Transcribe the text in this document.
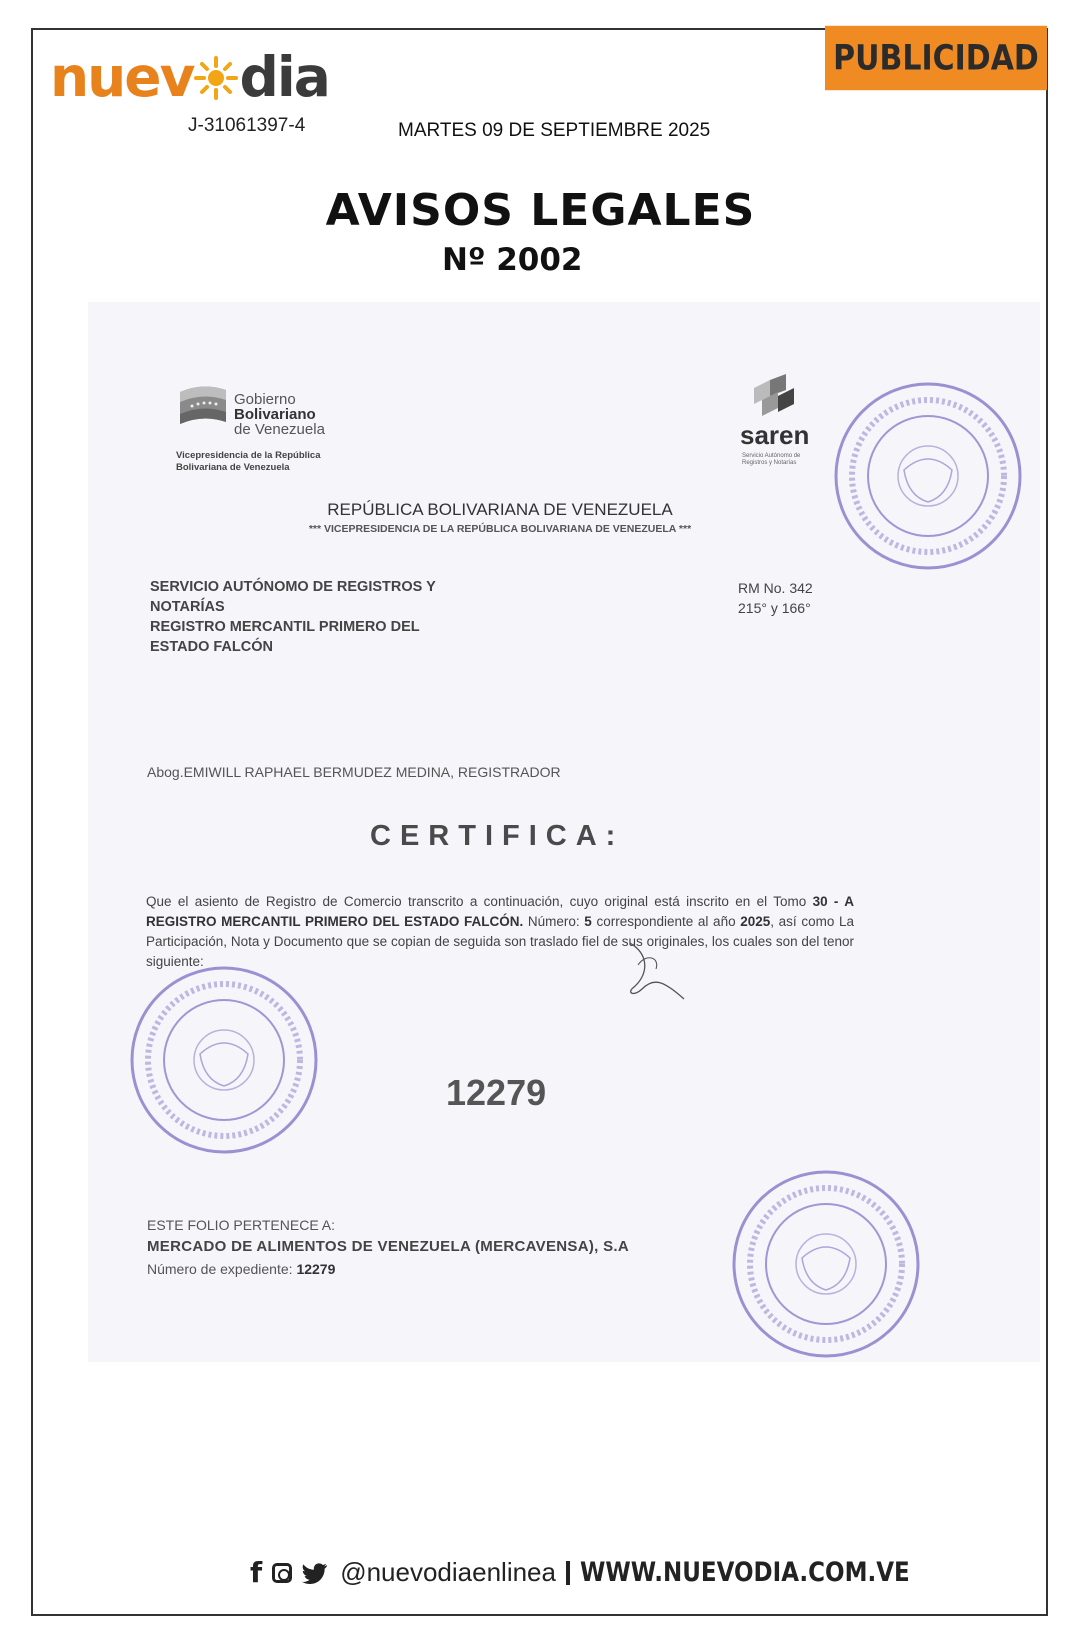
nuev dia
J-31061397-4	MARTES 09 DE SEPTIEMBRE 2025
PUBLICIDAD
AVISOS LEGALES
Nº 2002
Gobierno
Bolivariano
de Venezuela
Vicepresidencia de la República
Bolivariana de Venezuela
saren
Servicio Autónomo de Registros y Notarías
REPÚBLICA BOLIVARIANA DE VENEZUELA
*** VICEPRESIDENCIA DE LA REPÚBLICA BOLIVARIANA DE VENEZUELA ***
SERVICIO AUTÓNOMO DE REGISTROS Y
NOTARÍAS
REGISTRO MERCANTIL PRIMERO DEL
ESTADO FALCÓN
RM No. 342
215° y 166°
Abog.EMIWILL RAPHAEL BERMUDEZ MEDINA, REGISTRADOR
CERTIFICA:
Que el asiento de Registro de Comercio transcrito a continuación, cuyo original está inscrito en el Tomo 30 - A REGISTRO MERCANTIL PRIMERO DEL ESTADO FALCÓN. Número: 5 correspondiente al año 2025, así como La Participación, Nota y Documento que se copian de seguida son traslado fiel de sus originales, los cuales son del tenor siguiente:
12279
ESTE FOLIO PERTENECE A:
MERCADO DE ALIMENTOS DE VENEZUELA (MERCAVENSA), S.A
Número de expediente: 12279
f	@nuevodiaenlinea WWW.NUEVODIA.COM.VE
